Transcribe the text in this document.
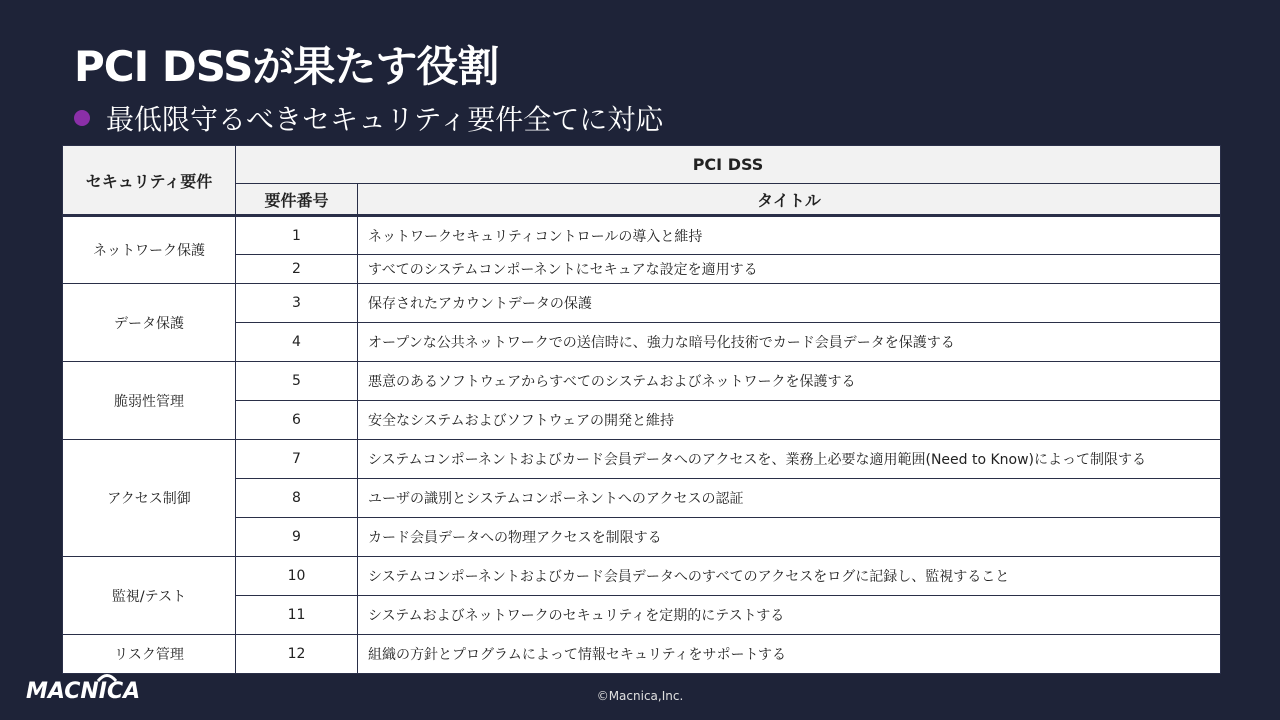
PCI DSSが果たす役割
最低限守るべきセキュリティ要件全てに対応
セキュリティ要件	PCI DSS	
	要件番号	タイトル
ネットワーク保護	1	ネットワークセキュリティコントロールの導入と維持
	2	すべてのシステムコンポーネントにセキュアな設定を適用する
データ保護	3	保存されたアカウントデータの保護
	4	オープンな公共ネットワークでの送信時に、強力な暗号化技術でカード会員データを保護する
脆弱性管理	5	悪意のあるソフトウェアからすべてのシステムおよびネットワークを保護する
	6	安全なシステムおよびソフトウェアの開発と維持
アクセス制御	7	システムコンポーネントおよびカード会員データへのアクセスを、業務上必要な適用範囲(Need to Know)によって制限する
	8	ユーザの識別とシステムコンポーネントへのアクセスの認証
	9	カード会員データへの物理アクセスを制限する
監視/テスト	10	システムコンポーネントおよびカード会員データへのすべてのアクセスをログに記録し、監視すること
	11	システムおよびネットワークのセキュリティを定期的にテストする
リスク管理	12	組織の方針とプログラムによって情報セキュリティをサポートする
MACNICA	©Macnica,Inc.
